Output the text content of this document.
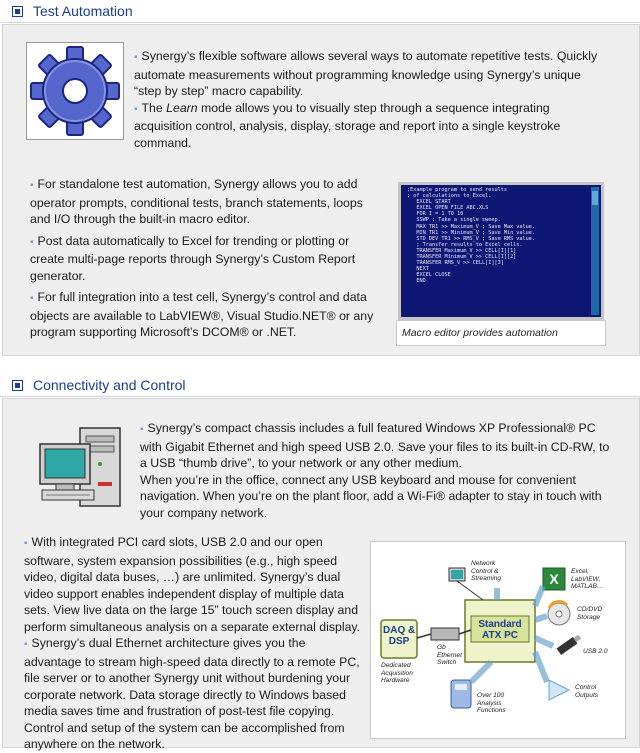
Test Automation

▪ Synergy’s flexible software allows several ways to automate repetitive tests. Quickly automate measurements without programming knowledge using Synergy’s unique “step by step” macro capability.

▪ The Learn mode allows you to visually step through a sequence integrating acquisition control, analysis, display, storage and report into a single keystroke command.

▪ For standalone test automation, Synergy allows you to add operator prompts, conditional tests, branch statements, loops and I/O through the built-in macro editor.

▪ Post data automatically to Excel for trending or plotting or create multi-page reports through Synergy’s Custom Report generator.

▪ For full integration into a test cell, Synergy’s control and data objects are available to LabVIEW®, Visual Studio.NET® or any program supporting Microsoft’s DCOM® or .NET.

;Example program to send results
; of calculations to Excel.
EXCEL START
EXCEL OPEN FILE ABC.XLS
FOR I = 1 TO 10
SSWP ; Take a single sweep.
MAX TR1 >> Maximum_V ; Save Max value.
MIN TR1 >> Minimum_V ; Save Min value.
STD DEV TR1 >> RMS_V ; Save RMS value.
; Transfer results to Excel cells.
TRANSFER Maximum_V >> CELL[I][1]
TRANSFER Minimum_V >> CELL[I][2]
TRANSFER RMS_V >> CELL[I][3]
NEXT
EXCEL CLOSE
END
Macro editor provides automation
Connectivity and Control

▪ Synergy’s compact chassis includes a full featured Windows XP Professional® PC with Gigabit Ethernet and high speed USB 2.0. Save your files to its built-in CD-RW, to a USB “thumb drive”, to your network or any other medium.

When you’re in the office, connect any USB keyboard and mouse for convenient navigation. When you’re on the plant floor, add a Wi-Fi® adapter to stay in touch with your company network.

▪ With integrated PCI card slots, USB 2.0 and our open software, system expansion possibilities (e.g., high speed video, digital data buses, …) are unlimited. Synergy’s dual video support enables independent display of multiple data sets. View live data on the large 15” touch screen display and perform simultaneous analysis on a separate external display.

▪ Synergy’s dual Ethernet architecture gives you the advantage to stream high-speed data directly to a remote PC, file server or to another Synergy unit without burdening your corporate network. Data storage directly to Windows based media saves time and frustration of post-test file copying. Control and setup of the system can be accomplished from anywhere on the network.

X
DAQ &
DSP
Standard
ATX PC
Dedicated
Acquisition
Hardware
Gb
Ethernet
Switch
Network
Control &
Streaming
Excel,
LabVIEW,
MATLAB…
CD/DVD
Storage
USB 2.0
Control
Outputs
Over 100
Analysis
Functions
